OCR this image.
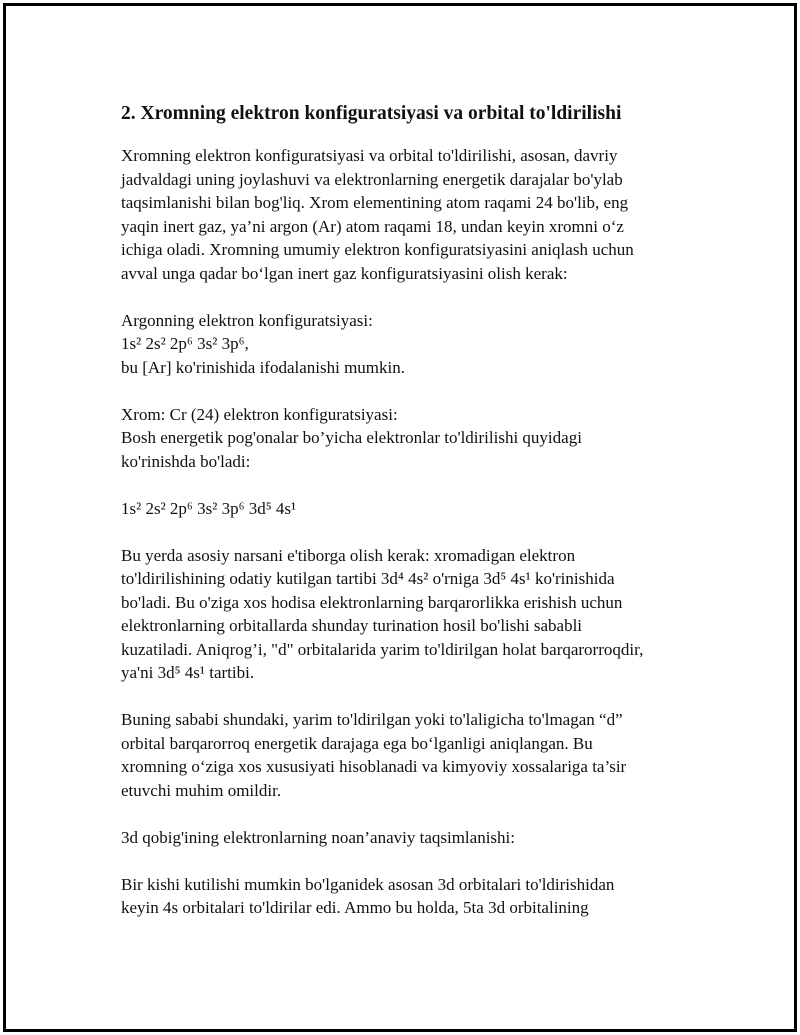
2. Xromning elektron konfiguratsiyasi va orbital to'ldirilishi
Xromning elektron konfiguratsiyasi va orbital to'ldirilishi, asosan, davriy
jadvaldagi uning joylashuvi va elektronlarning energetik darajalar bo'ylab
taqsimlanishi bilan bog'liq. Xrom elementining atom raqami 24 bo'lib, eng
yaqin inert gaz, ya’ni argon (Ar) atom raqami 18, undan keyin xromni o‘z
ichiga oladi. Xromning umumiy elektron konfiguratsiyasini aniqlash uchun
avval unga qadar bo‘lgan inert gaz konfiguratsiyasini olish kerak:
Argonning elektron konfiguratsiyasi:
1s² 2s² 2p⁶ 3s² 3p⁶,
bu [Ar] ko'rinishida ifodalanishi mumkin.
Xrom: Cr (24) elektron konfiguratsiyasi:
Bosh energetik pog'onalar bo’yicha elektronlar to'ldirilishi quyidagi
ko'rinishda bo'ladi:
1s² 2s² 2p⁶ 3s² 3p⁶ 3d⁵ 4s¹
Bu yerda asosiy narsani e'tiborga olish kerak: xromadigan elektron
to'ldirilishining odatiy kutilgan tartibi 3d⁴ 4s² o'rniga 3d⁵ 4s¹ ko'rinishida
bo'ladi. Bu o'ziga xos hodisa elektronlarning barqarorlikka erishish uchun
elektronlarning orbitallarda shunday turination hosil bo'lishi sababli
kuzatiladi. Aniqrog’i, "d" orbitalarida yarim to'ldirilgan holat barqarorroqdir,
ya'ni 3d⁵ 4s¹ tartibi.
Buning sababi shundaki, yarim to'ldirilgan yoki to'laligicha to'lmagan “d”
orbital barqarorroq energetik darajaga ega bo‘lganligi aniqlangan. Bu
xromning o‘ziga xos xususiyati hisoblanadi va kimyoviy xossalariga ta’sir
etuvchi muhim omildir.
3d qobig'ining elektronlarning noan’anaviy taqsimlanishi:
Bir kishi kutilishi mumkin bo'lganidek asosan 3d orbitalari to'ldirishidan
keyin 4s orbitalari to'ldirilar edi. Ammo bu holda, 5ta 3d orbitalining
